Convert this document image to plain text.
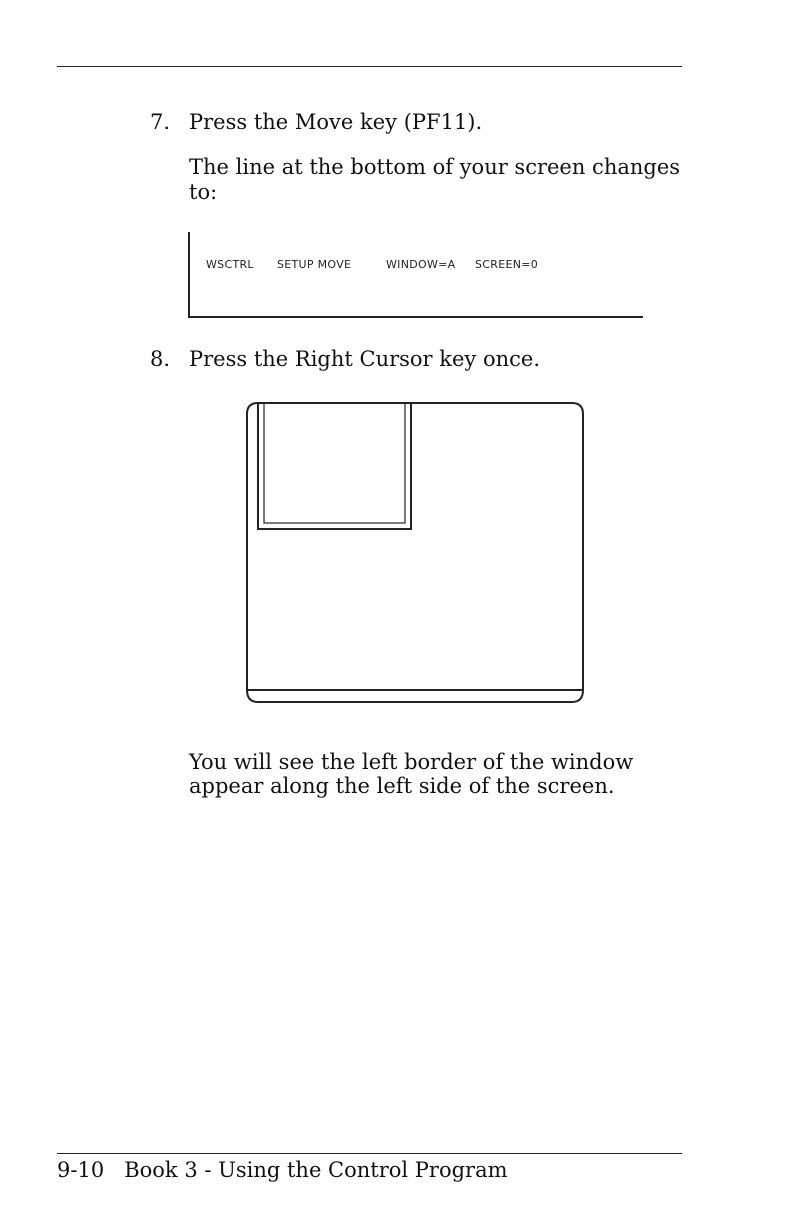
7. Press the Move key (PF11).
The line at the bottom of your screen changes
to:
WSCTRL SETUP MOVE	WINDOW=A SCREEN=0
8. Press the Right Cursor key once.
You will see the left border of the window
appear along the left side of the screen.
9-10 Book 3 - Using the Control Program
